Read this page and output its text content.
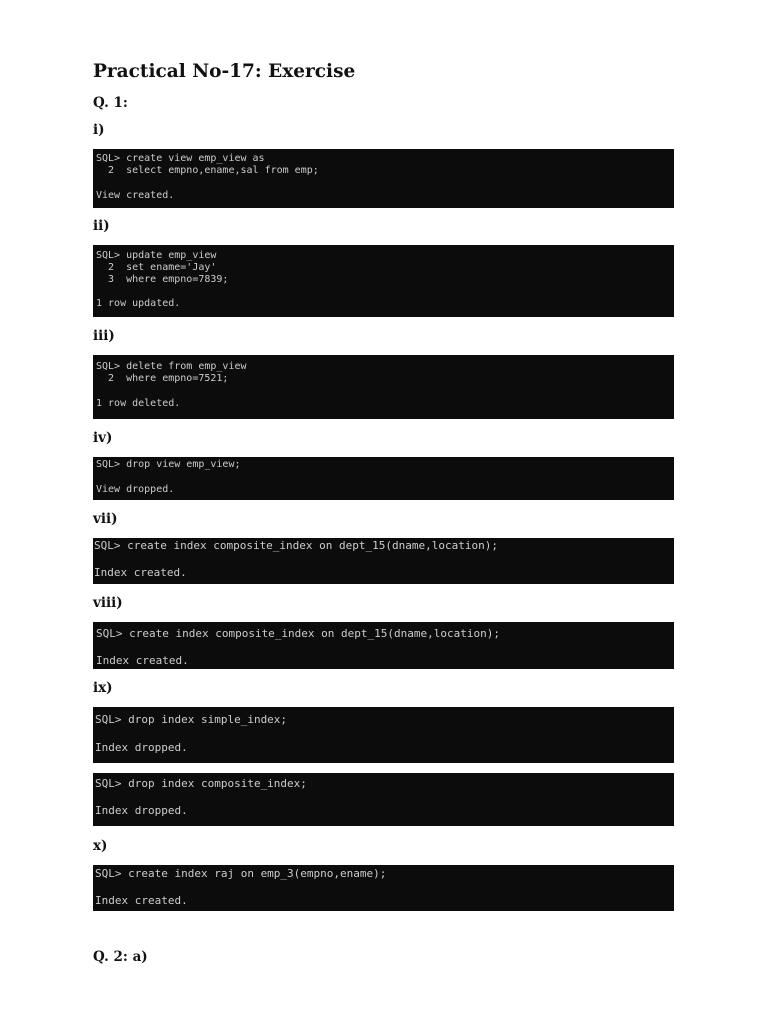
Practical No-17: Exercise

Q. 1:

i)

SQL> create view emp_view as
2  select empno,ename,sal from emp;
View created.

ii)

SQL> update emp_view
2  set ename='Jay'
3  where empno=7839;
1 row updated.

iii)

SQL> delete from emp_view
2  where empno=7521;
1 row deleted.

iv)

SQL> drop view emp_view;
View dropped.

vii)

SQL> create index composite_index on dept_15(dname,location);
Index created.

viii)

SQL> create index composite_index on dept_15(dname,location);
Index created.

ix)

SQL> drop index simple_index;
Index dropped.
SQL> drop index composite_index;
Index dropped.

x)

SQL> create index raj on emp_3(empno,ename);
Index created.

Q. 2: a)
